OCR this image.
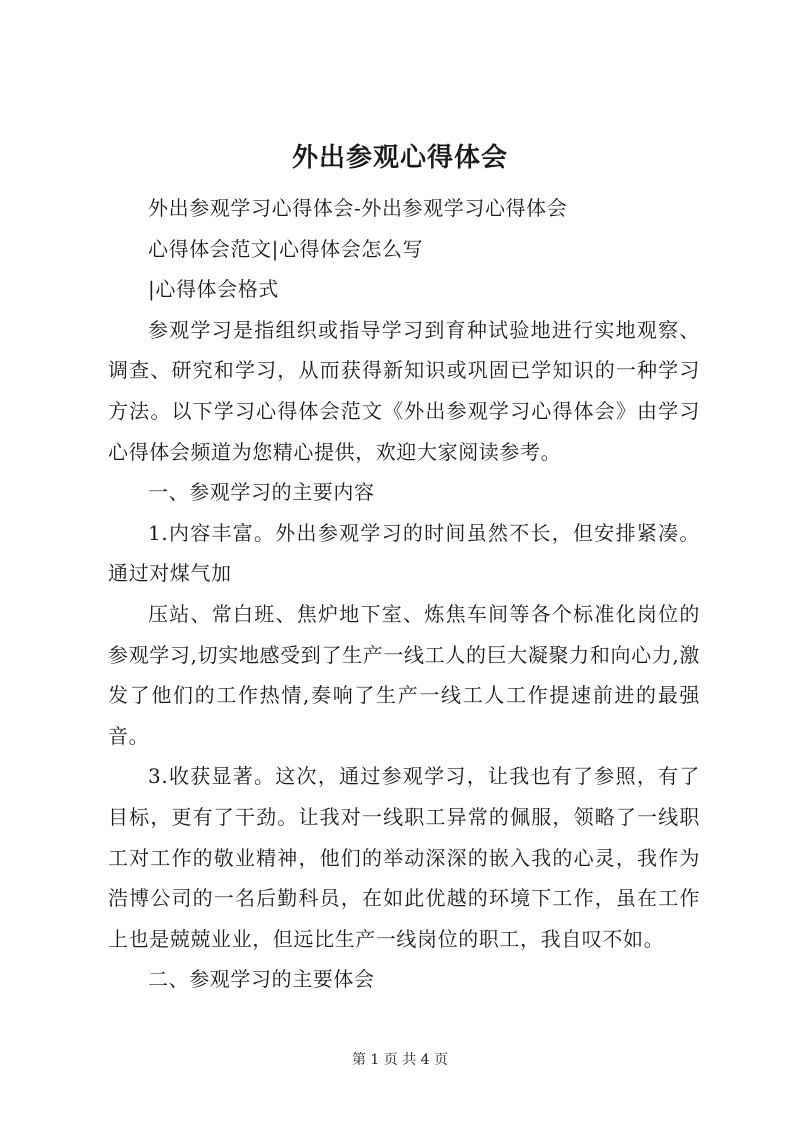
外出参观心得体会

外出参观学习心得体会-外出参观学习心得体会

心得体会范文|心得体会怎么写

|心得体会格式

参观学习是指组织或指导学习到育种试验地进行实地观察、调查、研究和学习，从而获得新知识或巩固已学知识的一种学习方法。以下学习心得体会范文《外出参观学习心得体会》由学习心得体会频道为您精心提供，欢迎大家阅读参考。

一、参观学习的主要内容

1.内容丰富。外出参观学习的时间虽然不长，但安排紧凑。通过对煤气加

压站、常白班、焦炉地下室、炼焦车间等各个标准化岗位的参观学习,切实地感受到了生产一线工人的巨大凝聚力和向心力,激发了他们的工作热情,奏响了生产一线工人工作提速前进的最强音。

3.收获显著。这次，通过参观学习，让我也有了参照，有了目标，更有了干劲。让我对一线职工异常的佩服，领略了一线职工对工作的敬业精神，他们的举动深深的嵌入我的心灵，我作为浩博公司的一名后勤科员，在如此优越的环境下工作，虽在工作上也是兢兢业业，但远比生产一线岗位的职工，我自叹不如。

二、参观学习的主要体会

第 1 页 共 4 页
